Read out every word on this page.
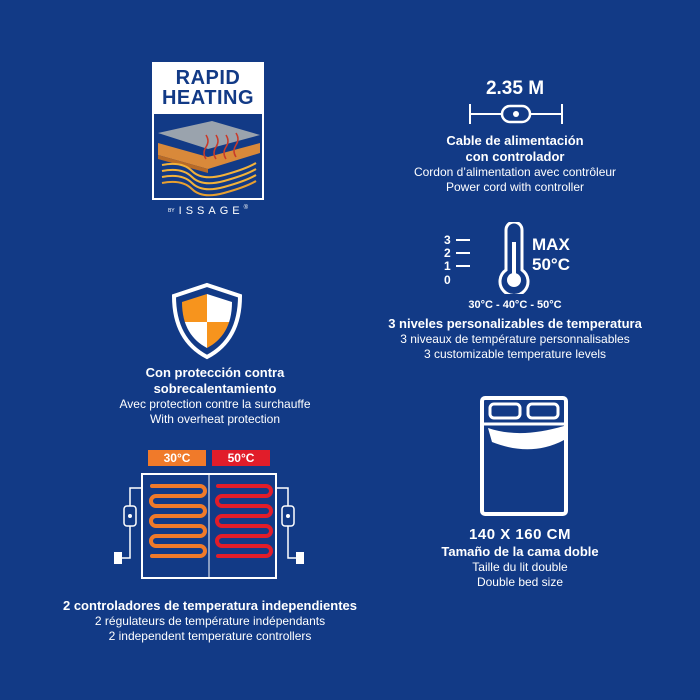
RAPID
HEATING
BY ISSAGE®
2.35 M
Cable de alimentación
con controlador
Cordon d’alimentation avec contrôleur
Power cord with controller
3
2
1
0
MAX
50°C
30°C - 40°C - 50°C
3 niveles personalizables de temperatura
3 niveaux de température personnalisables
3 customizable temperature levels
Con protección contra
sobrecalentamiento
Avec protection contre la surchauffe
With overheat protection
30°C	50°C
2 controladores de temperatura independientes
2 régulateurs de température indépendants
2 independent temperature controllers
140 X 160 CM
Tamaño de la cama doble
Taille du lit double
Double bed size
